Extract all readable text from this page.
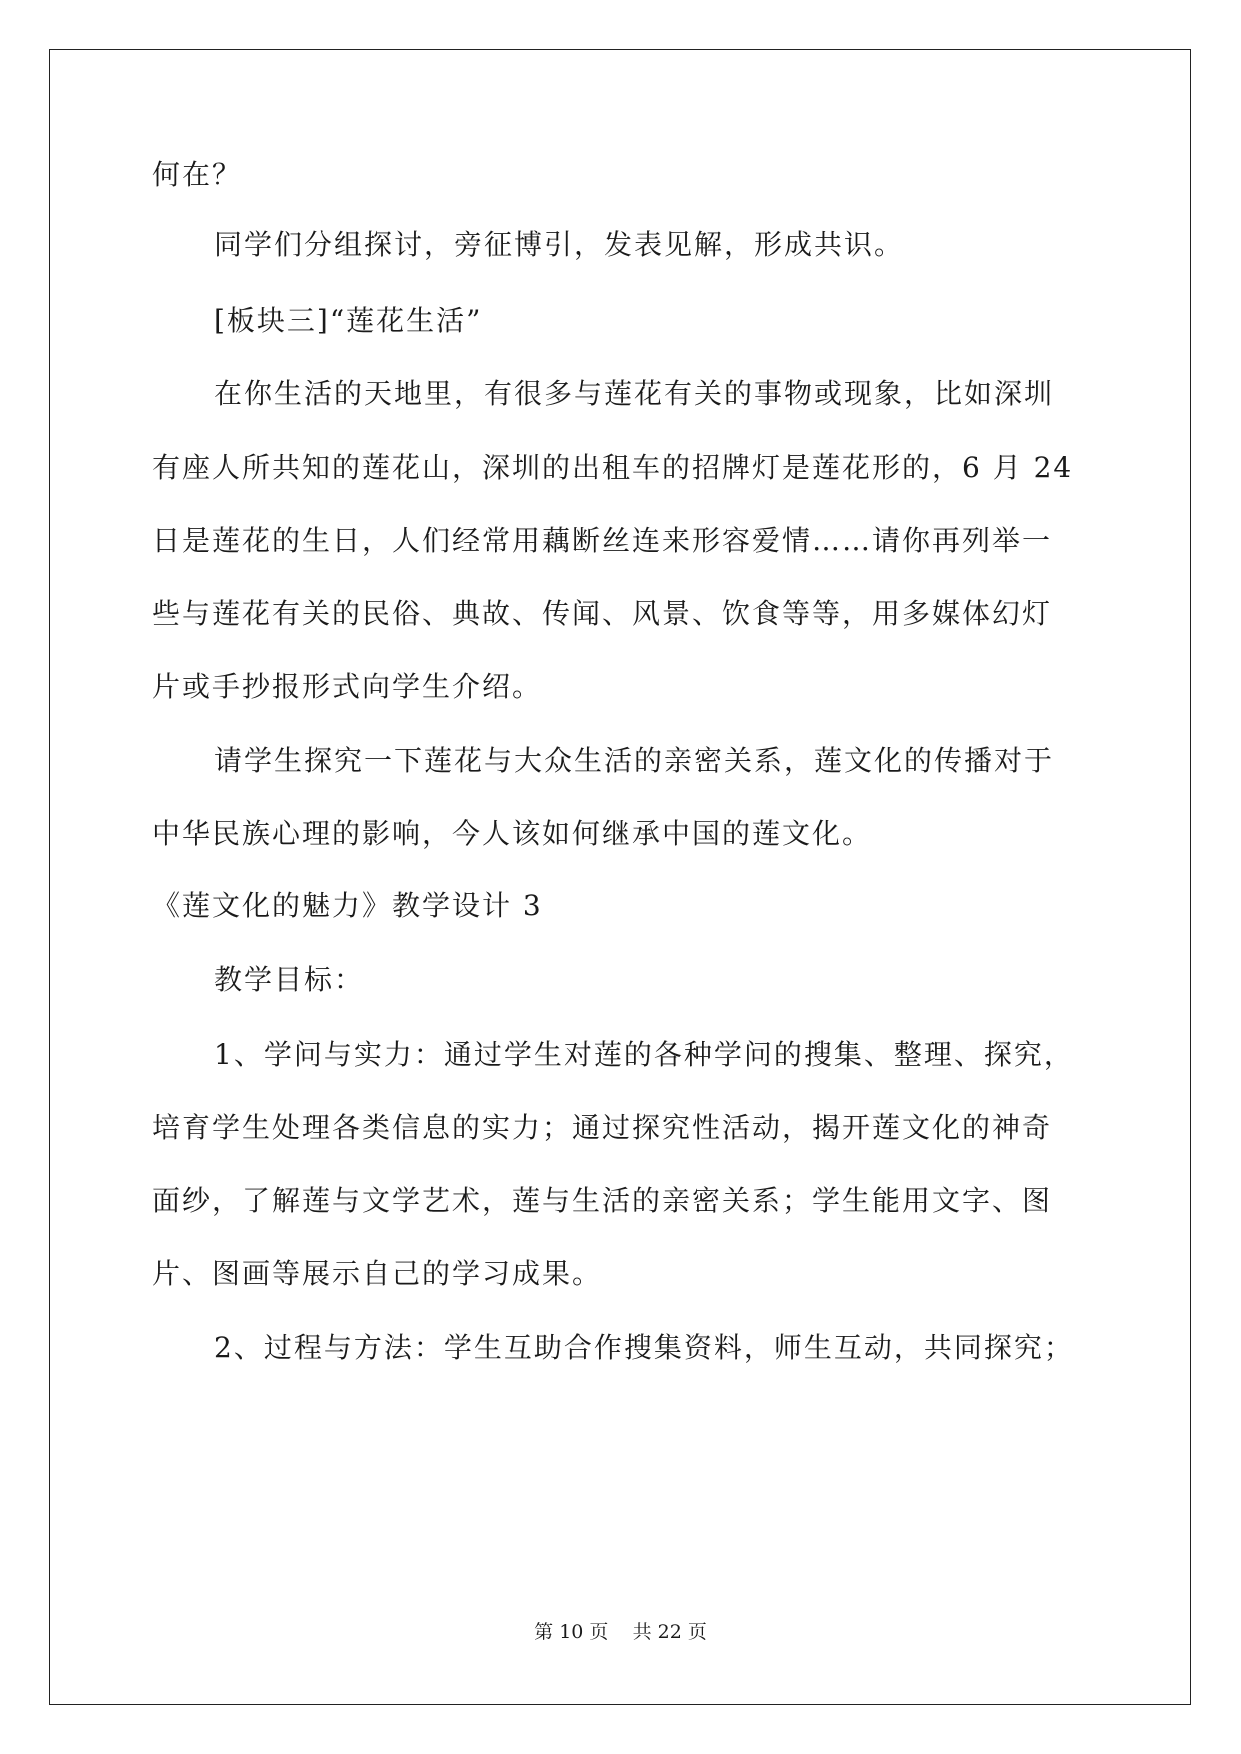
何在？
同学们分组探讨，旁征博引，发表见解，形成共识。
[板块三]“莲花生活”
在你生活的天地里，有很多与莲花有关的事物或现象，比如深圳
有座人所共知的莲花山，深圳的出租车的招牌灯是莲花形的，6 月 24
日是莲花的生日，人们经常用藕断丝连来形容爱情……请你再列举一
些与莲花有关的民俗、典故、传闻、风景、饮食等等，用多媒体幻灯
片或手抄报形式向学生介绍。
请学生探究一下莲花与大众生活的亲密关系，莲文化的传播对于
中华民族心理的影响，今人该如何继承中国的莲文化。
《莲文化的魅力》教学设计 3
教学目标：
1、学问与实力：通过学生对莲的各种学问的搜集、整理、探究，
培育学生处理各类信息的实力；通过探究性活动，揭开莲文化的神奇
面纱，了解莲与文学艺术，莲与生活的亲密关系；学生能用文字、图
片、图画等展示自己的学习成果。
2、过程与方法：学生互助合作搜集资料，师生互动，共同探究；
第 10 页    共 22 页
